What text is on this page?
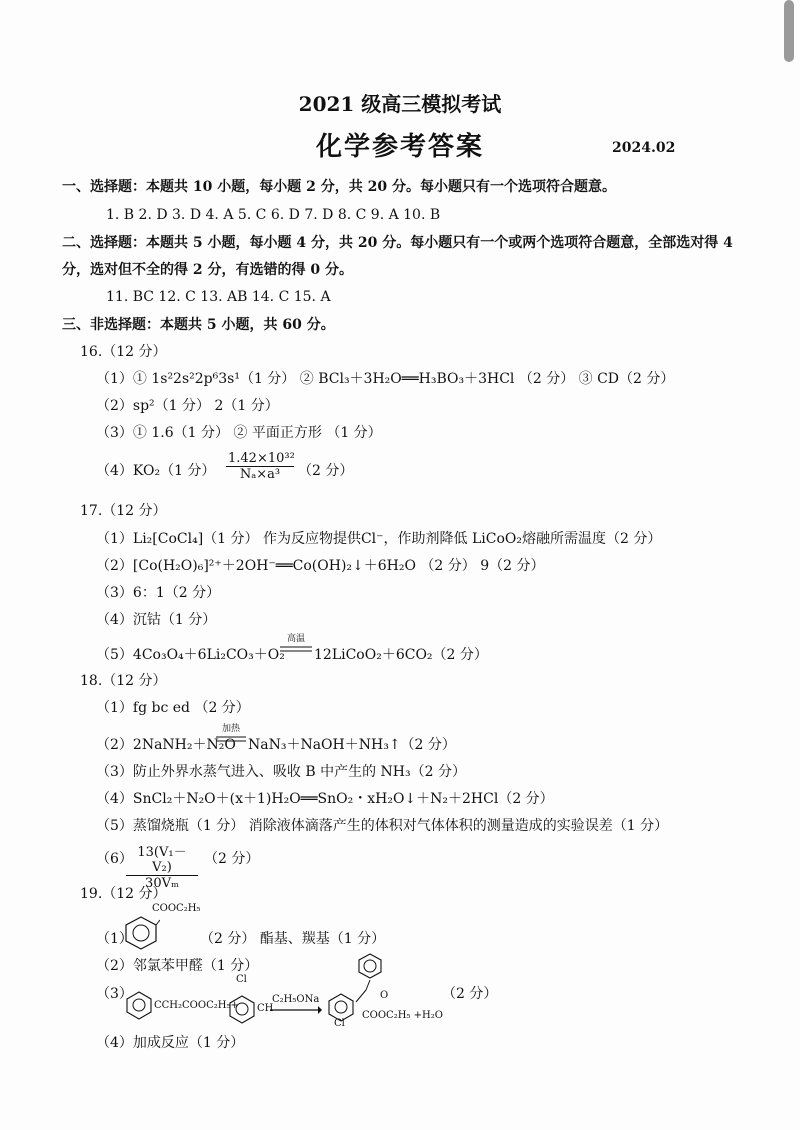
2021 级高三模拟考试
化学参考答案	2024.02
一、选择题：本题共 10 小题，每小题 2 分，共 20 分。每小题只有一个选项符合题意。
1. B 2. D 3. D 4. A 5. C 6. D 7. D 8. C 9. A 10. B
二、选择题：本题共 5 小题，每小题 4 分，共 20 分。每小题只有一个或两个选项符合题意，全部选对得 4
分，选对但不全的得 2 分，有选错的得 0 分。
11. BC 12. C 13. AB 14. C 15. A
三、非选择题：本题共 5 小题，共 60 分。
16.（12 分）
（1）① 1s²2s²2p⁶3s¹（1 分） ② BCl₃＋3H₂O══H₃BO₃＋3HCl （2 分） ③ CD（2 分）
（2）sp²（1 分） 2（1 分）
（3）① 1.6（1 分） ② 平面正方形 （1 分）
（4）KO₂（1 分） $\frac{\text{1.42×10³²}}{\text{Nₐ×a³}} (2$ 分）
17.（12 分）
（1）Li₂[CoCl₄]（1 分） 作为反应物提供Cl⁻，作助剂降低 LiCoO₂熔融所需温度（2 分）
（2）[Co(H₂O)₆]²⁺＋2OH⁻══Co(OH)₂↓＋6H₂O （2 分） 9（2 分）
（3）6：1（2 分）
（4）沉钴（1 分）
（5）4Co₃O₄＋6Li₂CO₃＋O₂
高温
12LiCoO₂＋6CO₂（2 分）
18.（12 分）
（1）fg bc ed （2 分）
（2）2NaNH₂＋N₂O
加热
NaN₃＋NaOH＋NH₃↑（2 分）
（3）防止外界水蒸气进入、吸收 B 中产生的 NH₃（2 分）
（4）SnCl₂＋N₂O＋(x＋1)H₂O══SnO₂・xH₂O↓＋N₂＋2HCl（2 分）
（5）蒸馏烧瓶（1 分） 消除液体滴落产生的体积对气体体积的测量造成的实验误差（1 分）
（6）
$\frac{\text{13(V₁－V₂)}}{\text{30Vₘ}} (2$ 分）
19.（12 分）
（1）
COOC₂H₅
（2 分） 酯基、羰基（1 分）
（2）邻氯苯甲醛（1 分）
（3）
CCH₂COOC₂H₅+
Cl
CH
C₂H₅ONa	O
Cl
COOC₂H₅ +H₂O
（2 分）
（4）加成反应（1 分）
